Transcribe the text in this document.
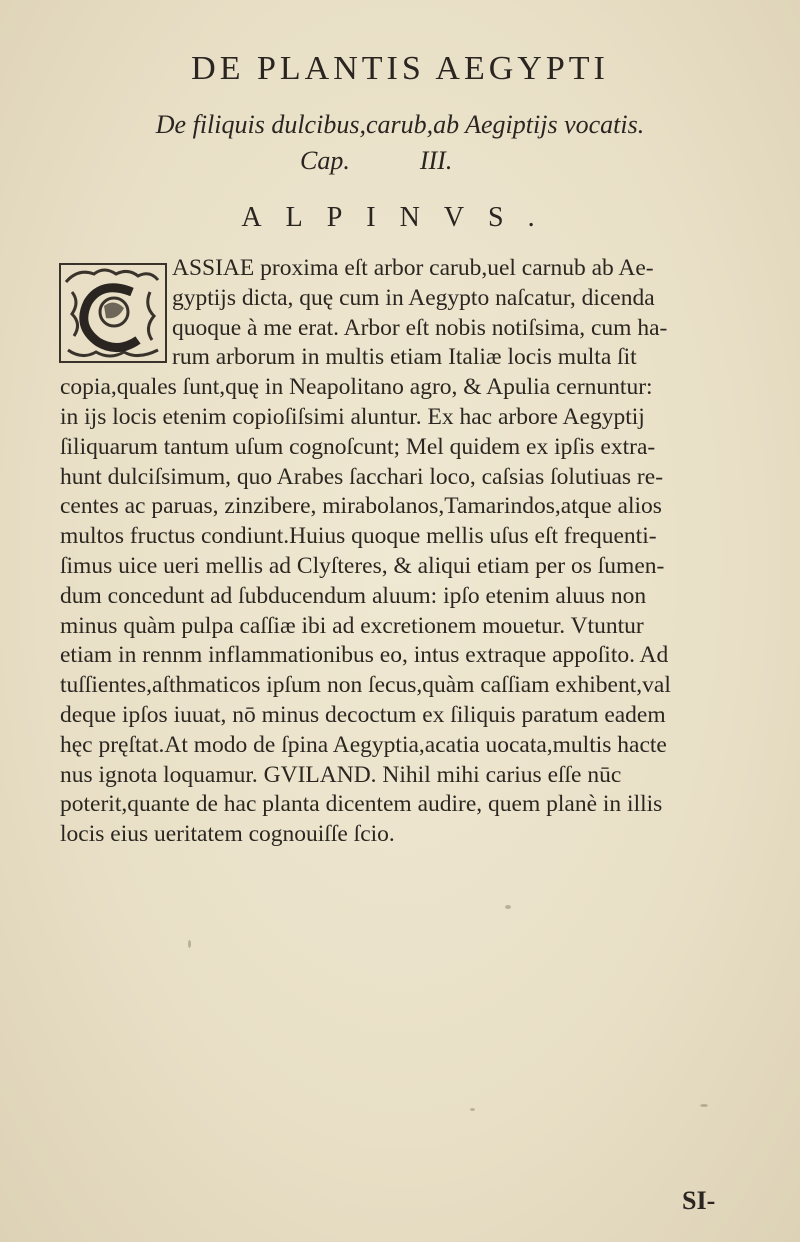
DE PLANTIS AEGYPTI
De filiquis dulcibus,carub,ab Aegiptijs vocatis.
Cap.	III.
ALPINVS.
ASSIAE proxima eſt arbor carub,uel carnub ab Ae-
gyptijs dicta, quę cum in Aegypto naſcatur, dicenda
quoque à me erat. Arbor eſt nobis notiſsima, cum ha-
rum arborum in multis etiam Italiæ locis multa ſit
copia,quales ſunt,quę in Neapolitano agro, & Apulia cernuntur:
in ijs locis etenim copioſiſsimi aluntur. Ex hac arbore Aegyptij
ſiliquarum tantum uſum cognoſcunt; Mel quidem ex ipſis extra-
hunt dulciſsimum, quo Arabes ſacchari loco, caſsias ſolutiuas re-
centes ac paruas, zinzibere, mirabolanos,Tamarindos,atque alios
multos fructus condiunt.Huius quoque mellis uſus eſt frequenti-
ſimus uice ueri mellis ad Clyſteres, & aliqui etiam per os ſumen-
dum concedunt ad ſubducendum aluum: ipſo etenim aluus non
minus quàm pulpa caſſiæ ibi ad excretionem mouetur. Vtuntur
etiam in rennm inflammationibus eo, intus extraque appoſito. Ad
tuſſientes,aſthmaticos ipſum non ſecus,quàm caſſiam exhibent,val
deque ipſos iuuat, nō minus decoctum ex ſiliquis paratum eadem
hęc pręſtat.At modo de ſpina Aegyptia,acatia uocata,multis hacte
nus ignota loquamur. GVILAND. Nihil mihi carius eſſe nūc
poterit,quante de hac planta dicentem audire, quem planè in illis
locis eius ueritatem cognouiſſe ſcio.
SI-
